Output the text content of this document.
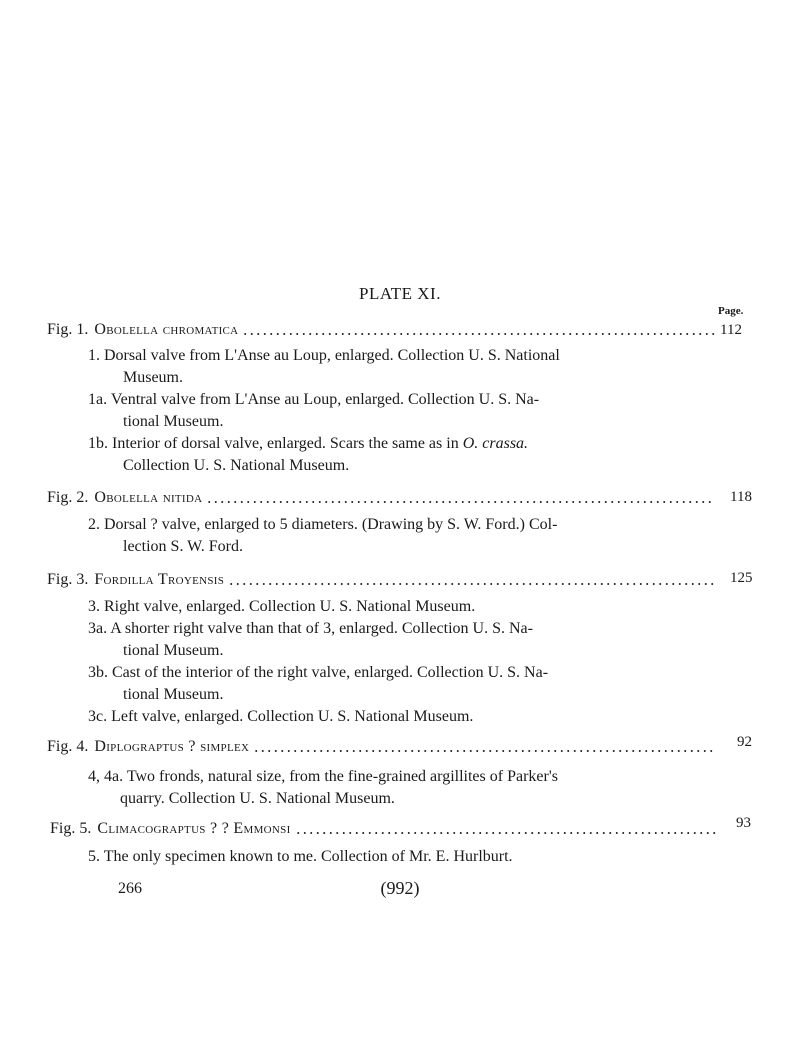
PLATE XI.
Page.
Fig. 1. Obolella chromatica	112
1. Dorsal valve from L'Anse au Loup, enlarged. Collection U. S. National
Museum.
1a. Ventral valve from L'Anse au Loup, enlarged. Collection U. S. Na-
tional Museum.
1b. Interior of dorsal valve, enlarged. Scars the same as in O. crassa.
Collection U. S. National Museum.
Fig. 2. Obolella nitida	118
2. Dorsal ? valve, enlarged to 5 diameters. (Drawing by S. W. Ford.) Col-
lection S. W. Ford.
Fig. 3. Fordilla Troyensis	125
3. Right valve, enlarged. Collection U. S. National Museum.
3a. A shorter right valve than that of 3, enlarged. Collection U. S. Na-
tional Museum.
3b. Cast of the interior of the right valve, enlarged. Collection U. S. Na-
tional Museum.
3c. Left valve, enlarged. Collection U. S. National Museum.
Fig. 4. Diplograptus ? simplex	92
4, 4a. Two fronds, natural size, from the fine-grained argillites of Parker's
quarry. Collection U. S. National Museum.
Fig. 5. Climacograptus ? ? Emmonsi	93
5. The only specimen known to me. Collection of Mr. E. Hurlburt.
266	(992)
